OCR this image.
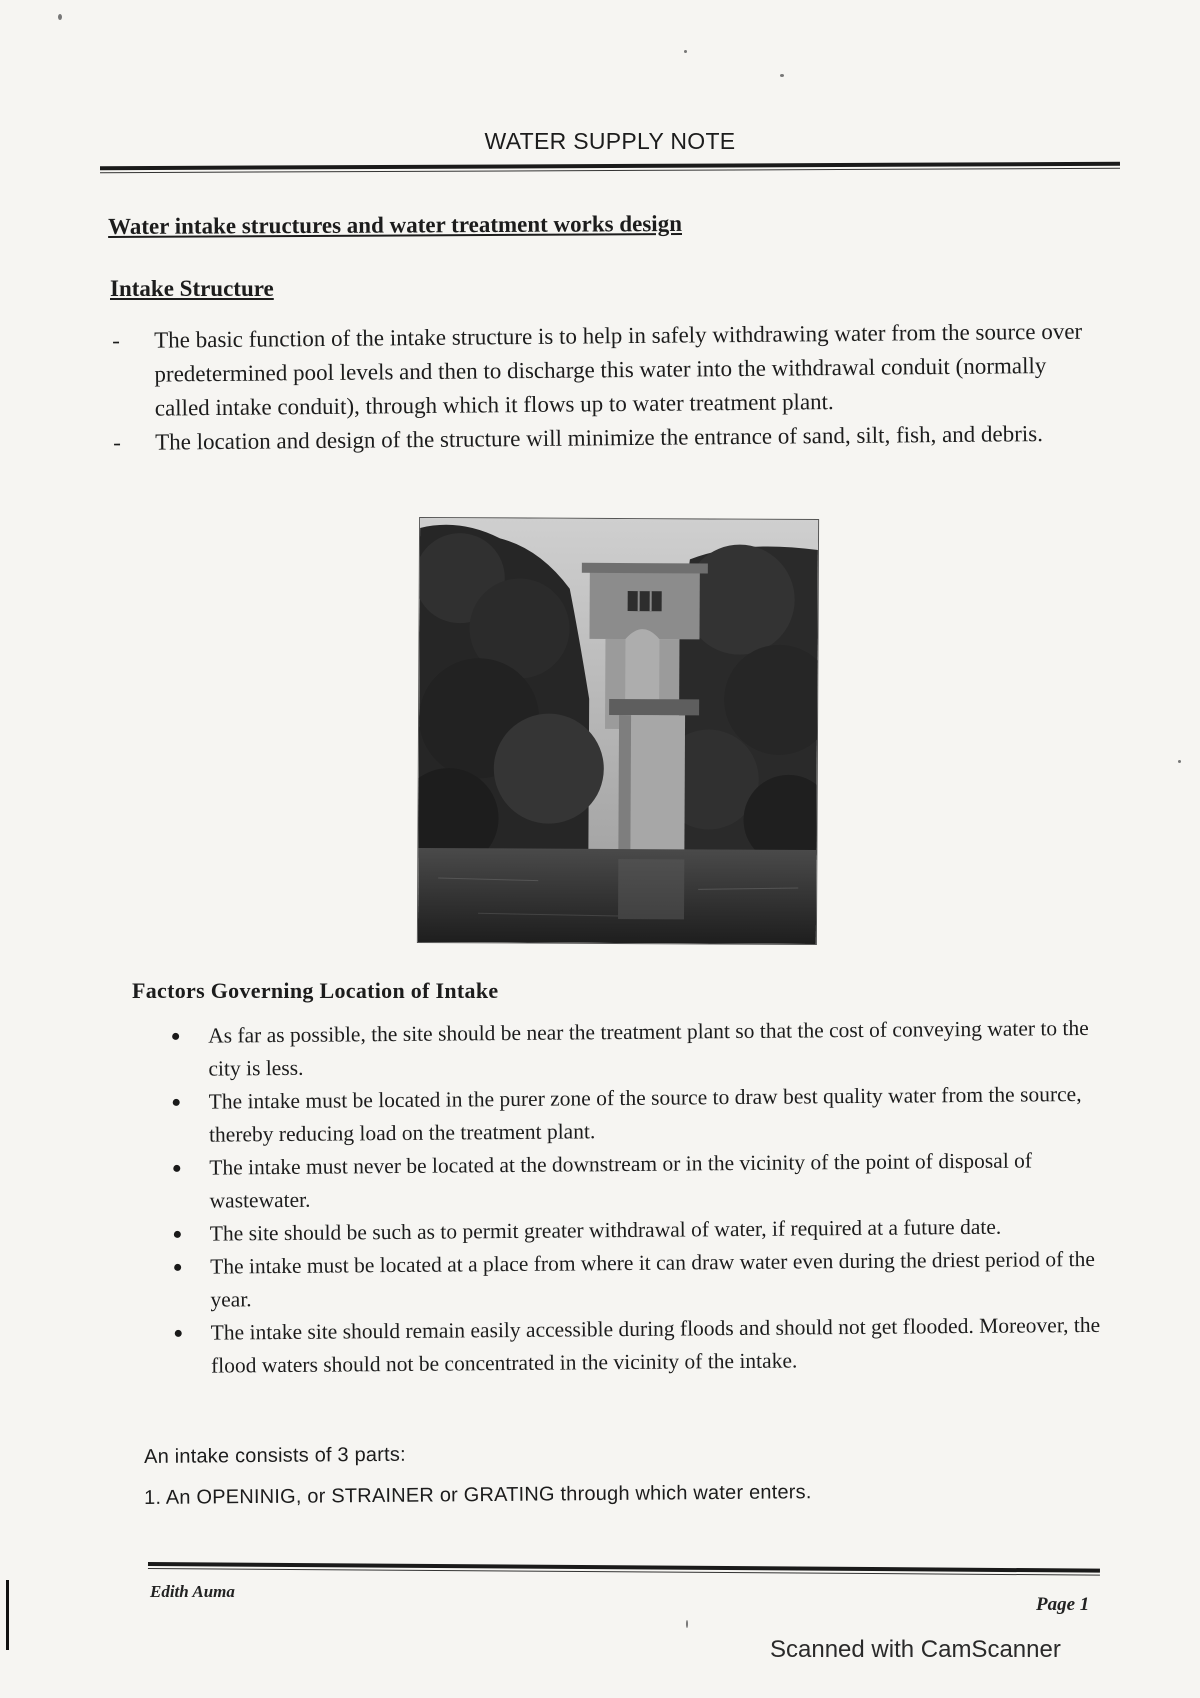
WATER SUPPLY NOTE
Water intake structures and water treatment works design
Intake Structure
- The basic function of the intake structure is to help in safely withdrawing water from the source over predetermined pool levels and then to discharge this water into the withdrawal conduit (normally called intake conduit), through which it flows up to water treatment plant.
- The location and design of the structure will minimize the entrance of sand, silt, fish, and debris.
Factors Governing Location of Intake
As far as possible, the site should be near the treatment plant so that the cost of conveying water to the city is less.
The intake must be located in the purer zone of the source to draw best quality water from the source, thereby reducing load on the treatment plant.
The intake must never be located at the downstream or in the vicinity of the point of disposal of wastewater.
The site should be such as to permit greater withdrawal of water, if required at a future date.
The intake must be located at a place from where it can draw water even during the driest period of the year.
The intake site should remain easily accessible during floods and should not get flooded. Moreover, the flood waters should not be concentrated in the vicinity of the intake.
An intake consists of 3 parts:
1. An OPENINIG, or STRAINER or GRATING through which water enters.
Edith Auma
Page 1
Scanned with CamScanner
